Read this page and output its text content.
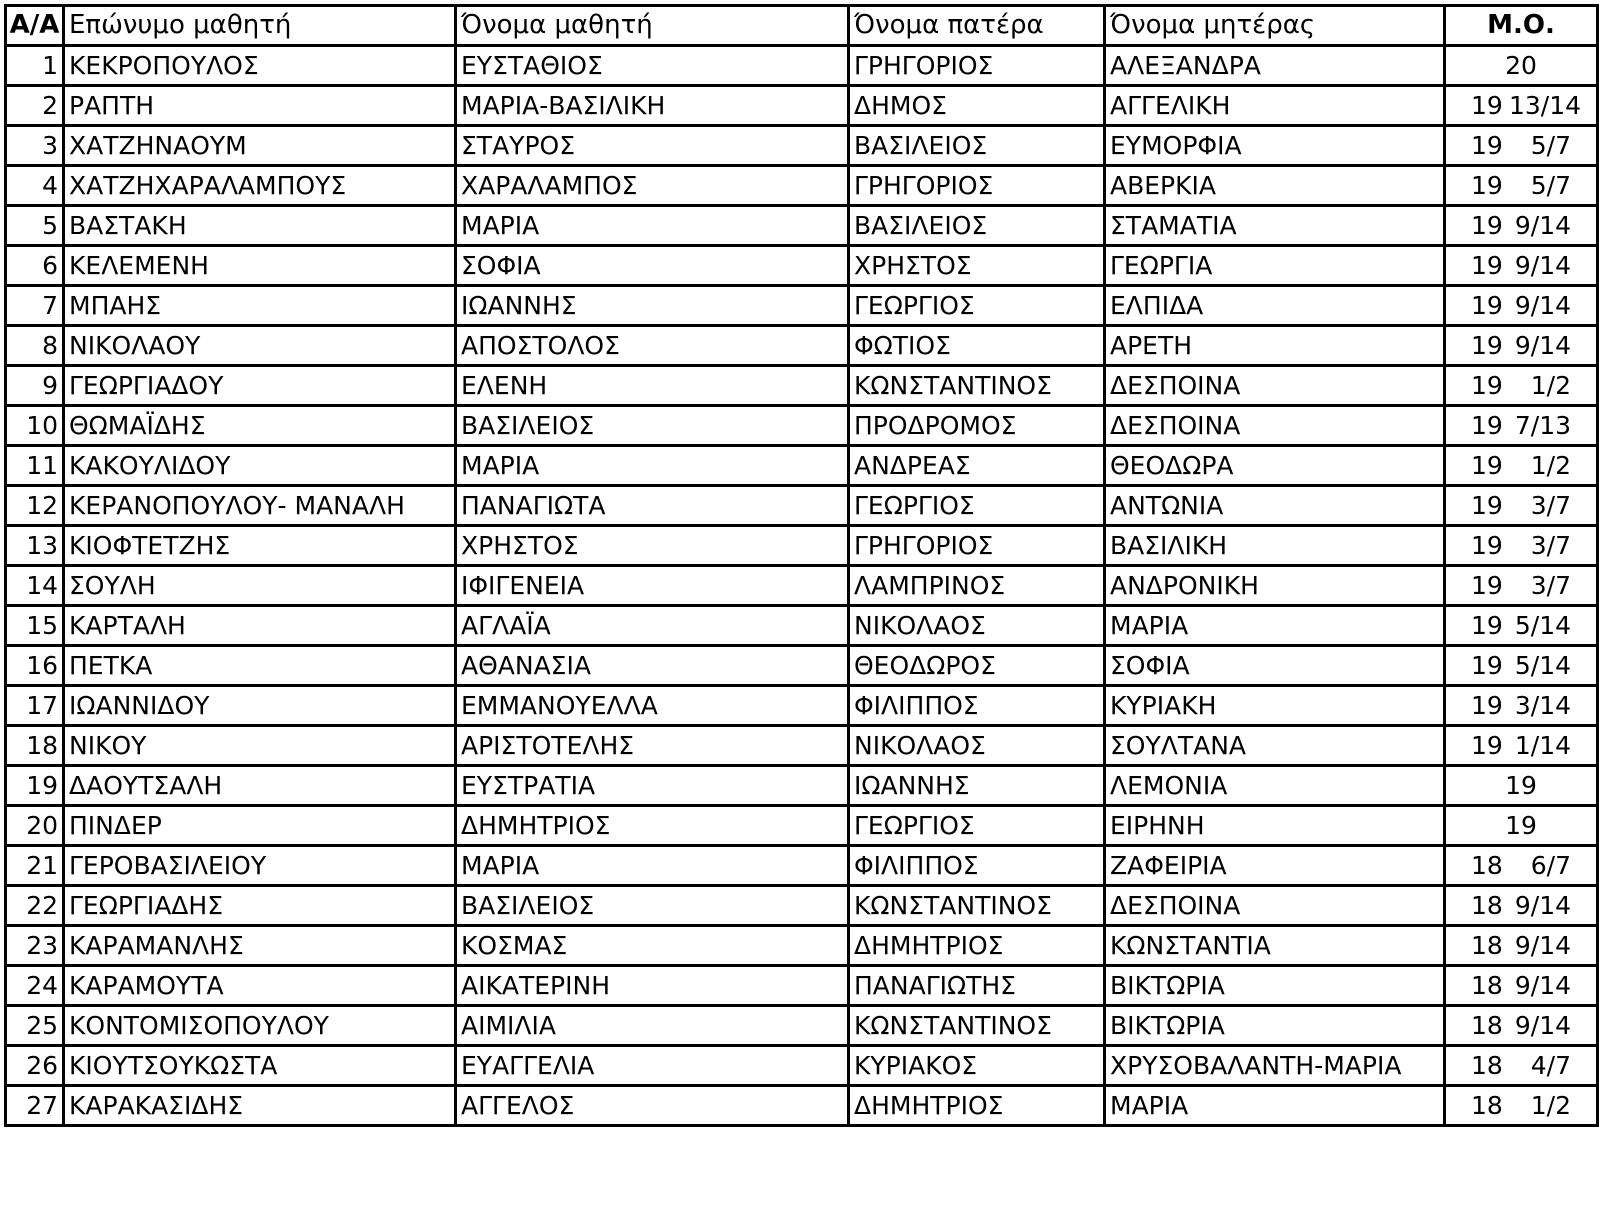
Α/Α	Επώνυμο μαθητή	Όνομα μαθητή	Όνομα πατέρα	Όνομα μητέρας	Μ.Ο.
1	ΚΕΚΡΟΠΟΥΛΟΣ	ΕΥΣΤΑΘΙΟΣ	ΓΡΗΓΟΡΙΟΣ	ΑΛΕΞΑΝΔΡΑ	20
2	ΡΑΠΤΗ	ΜΑΡΙΑ-ΒΑΣΙΛΙΚΗ	ΔΗΜΟΣ	ΑΓΓΕΛΙΚΗ	19 13/14
3	ΧΑΤΖΗΝΑΟΥΜ	ΣΤΑΥΡΟΣ	ΒΑΣΙΛΕΙΟΣ	ΕΥΜΟΡΦΙΑ	19 5/7
4	ΧΑΤΖΗΧΑΡΑΛΑΜΠΟΥΣ	ΧΑΡΑΛΑΜΠΟΣ	ΓΡΗΓΟΡΙΟΣ	ΑΒΕΡΚΙΑ	19 5/7
5	ΒΑΣΤΑΚΗ	ΜΑΡΙΑ	ΒΑΣΙΛΕΙΟΣ	ΣΤΑΜΑΤΙΑ	19 9/14
6	ΚΕΛΕΜΕΝΗ	ΣΟΦΙΑ	ΧΡΗΣΤΟΣ	ΓΕΩΡΓΙΑ	19 9/14
7	ΜΠΑΗΣ	ΙΩΑΝΝΗΣ	ΓΕΩΡΓΙΟΣ	ΕΛΠΙΔΑ	19 9/14
8	ΝΙΚΟΛΑΟΥ	ΑΠΟΣΤΟΛΟΣ	ΦΩΤΙΟΣ	ΑΡΕΤΗ	19 9/14
9	ΓΕΩΡΓΙΑΔΟΥ	ΕΛΕΝΗ	ΚΩΝΣΤΑΝΤΙΝΟΣ	ΔΕΣΠΟΙΝΑ	19 1/2
10	ΘΩΜΑΪΔΗΣ	ΒΑΣΙΛΕΙΟΣ	ΠΡΟΔΡΟΜΟΣ	ΔΕΣΠΟΙΝΑ	19 7/13
11	ΚΑΚΟΥΛΙΔΟΥ	ΜΑΡΙΑ	ΑΝΔΡΕΑΣ	ΘΕΟΔΩΡΑ	19 1/2
12	ΚΕΡΑΝΟΠΟΥΛΟΥ- ΜΑΝΑΛΗ	ΠΑΝΑΓΙΩΤΑ	ΓΕΩΡΓΙΟΣ	ΑΝΤΩΝΙΑ	19 3/7
13	ΚΙΟΦΤΕΤΖΗΣ	ΧΡΗΣΤΟΣ	ΓΡΗΓΟΡΙΟΣ	ΒΑΣΙΛΙΚΗ	19 3/7
14	ΣΟΥΛΗ	ΙΦΙΓΕΝΕΙΑ	ΛΑΜΠΡΙΝΟΣ	ΑΝΔΡΟΝΙΚΗ	19 3/7
15	ΚΑΡΤΑΛΗ	ΑΓΛΑΪΑ	ΝΙΚΟΛΑΟΣ	ΜΑΡΙΑ	19 5/14
16	ΠΕΤΚΑ	ΑΘΑΝΑΣΙΑ	ΘΕΟΔΩΡΟΣ	ΣΟΦΙΑ	19 5/14
17	ΙΩΑΝΝΙΔΟΥ	ΕΜΜΑΝΟΥΕΛΛΑ	ΦΙΛΙΠΠΟΣ	ΚΥΡΙΑΚΗ	19 3/14
18	ΝΙΚΟΥ	ΑΡΙΣΤΟΤΕΛΗΣ	ΝΙΚΟΛΑΟΣ	ΣΟΥΛΤΑΝΑ	19 1/14
19	ΔΑΟΥΤΣΑΛΗ	ΕΥΣΤΡΑΤΙΑ	ΙΩΑΝΝΗΣ	ΛΕΜΟΝΙΑ	19
20	ΠΙΝΔΕΡ	ΔΗΜΗΤΡΙΟΣ	ΓΕΩΡΓΙΟΣ	ΕΙΡΗΝΗ	19
21	ΓΕΡΟΒΑΣΙΛΕΙΟΥ	ΜΑΡΙΑ	ΦΙΛΙΠΠΟΣ	ΖΑΦΕΙΡΙΑ	18 6/7
22	ΓΕΩΡΓΙΑΔΗΣ	ΒΑΣΙΛΕΙΟΣ	ΚΩΝΣΤΑΝΤΙΝΟΣ	ΔΕΣΠΟΙΝΑ	18 9/14
23	ΚΑΡΑΜΑΝΛΗΣ	ΚΟΣΜΑΣ	ΔΗΜΗΤΡΙΟΣ	ΚΩΝΣΤΑΝΤΙΑ	18 9/14
24	ΚΑΡΑΜΟΥΤΑ	ΑΙΚΑΤΕΡΙΝΗ	ΠΑΝΑΓΙΩΤΗΣ	ΒΙΚΤΩΡΙΑ	18 9/14
25	ΚΟΝΤΟΜΙΣΟΠΟΥΛΟΥ	ΑΙΜΙΛΙΑ	ΚΩΝΣΤΑΝΤΙΝΟΣ	ΒΙΚΤΩΡΙΑ	18 9/14
26	ΚΙΟΥΤΣΟΥΚΩΣΤΑ	ΕΥΑΓΓΕΛΙΑ	ΚΥΡΙΑΚΟΣ	ΧΡΥΣΟΒΑΛΑΝΤΗ-ΜΑΡΙΑ	18 4/7
27	ΚΑΡΑΚΑΣΙΔΗΣ	ΑΓΓΕΛΟΣ	ΔΗΜΗΤΡΙΟΣ	ΜΑΡΙΑ	18 1/2
